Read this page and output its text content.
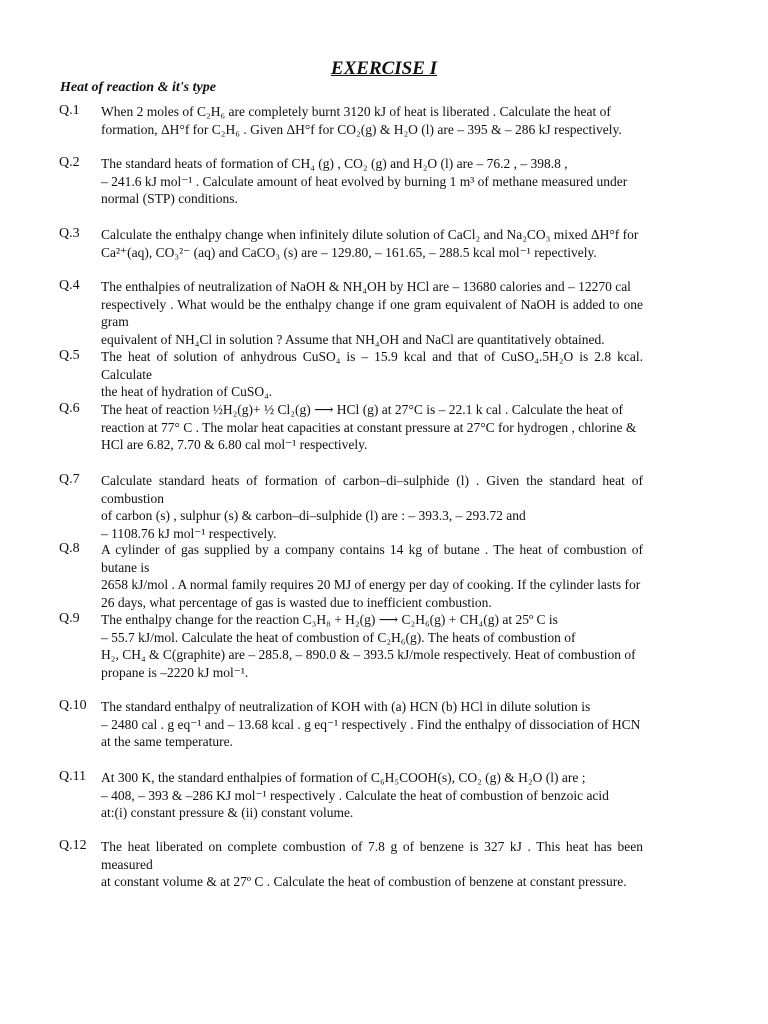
EXERCISE I
Heat of reaction & it's type
Q.1 When 2 moles of C₂H₆ are completely burnt 3120 kJ of heat is liberated . Calculate the heat of
formation, ΔH°f for C₂H₆ . Given ΔH°f for CO₂(g) & H₂O (l) are – 395 & – 286 kJ respectively.
Q.2 The standard heats of formation of CH₄ (g) , CO₂ (g) and H₂O (l) are – 76.2 , – 398.8 ,
– 241.6 kJ mol⁻¹ . Calculate amount of heat evolved by burning 1 m³ of methane measured under
normal (STP) conditions.
Q.3 Calculate the enthalpy change when infinitely dilute solution of CaCl₂ and Na₂CO₃ mixed ΔH°f for
Ca²⁺(aq), CO₃²⁻ (aq) and CaCO₃ (s) are – 129.80, – 161.65, – 288.5 kcal mol⁻¹ repectively.
Q.4 The enthalpies of neutralization of NaOH & NH₄OH by HCl are – 13680 calories and – 12270 cal
respectively . What would be the enthalpy change if one gram equivalent of NaOH is added to one gram
equivalent of NH₄Cl in solution ? Assume that NH₄OH and NaCl are quantitatively obtained.
Q.5 The heat of solution of anhydrous CuSO₄ is – 15.9 kcal and that of CuSO₄.5H₂O is 2.8 kcal. Calculate
the heat of hydration of CuSO₄.
Q.6 The heat of reaction ½H₂(g)+ ½ Cl₂(g) ⟶ HCl (g) at 27°C is – 22.1 k cal . Calculate the heat of
reaction at 77° C . The molar heat capacities at constant pressure at 27°C for hydrogen , chlorine &
HCl are 6.82, 7.70 & 6.80 cal mol⁻¹ respectively.
Q.7 Calculate standard heats of formation of carbon–di–sulphide (l) . Given the standard heat of combustion
of carbon (s) , sulphur (s) & carbon–di–sulphide (l) are : – 393.3, – 293.72 and
– 1108.76 kJ mol⁻¹ respectively.
Q.8 A cylinder of gas supplied by a company contains 14 kg of butane . The heat of combustion of butane is
2658 kJ/mol . A normal family requires 20 MJ of energy per day of cooking. If the cylinder lasts for
26 days, what percentage of gas is wasted due to inefficient combustion.
Q.9 The enthalpy change for the reaction C₃H₈ + H₂(g) ⟶ C₂H₆(g) + CH₄(g) at 25º C is
– 55.7 kJ/mol. Calculate the heat of combustion of C₂H₆(g). The heats of combustion of
H₂, CH₄ & C(graphite) are – 285.8, – 890.0 & – 393.5 kJ/mole respectively. Heat of combustion of
propane is –2220 kJ mol⁻¹.
Q.10 The standard enthalpy of neutralization of KOH with (a) HCN (b) HCl in dilute solution is
– 2480 cal . g eq⁻¹ and – 13.68 kcal . g eq⁻¹ respectively . Find the enthalpy of dissociation of HCN
at the same temperature.
Q.11 At 300 K, the standard enthalpies of formation of C₆H₅COOH(s), CO₂ (g) & H₂O (l) are ;
– 408, – 393 & –286 KJ mol⁻¹ respectively . Calculate the heat of combustion of benzoic acid
at:(i) constant pressure & (ii) constant volume.
Q.12 The heat liberated on complete combustion of 7.8 g of benzene is 327 kJ . This heat has been measured
at constant volume & at 27º C . Calculate the heat of combustion of benzene at constant pressure.
